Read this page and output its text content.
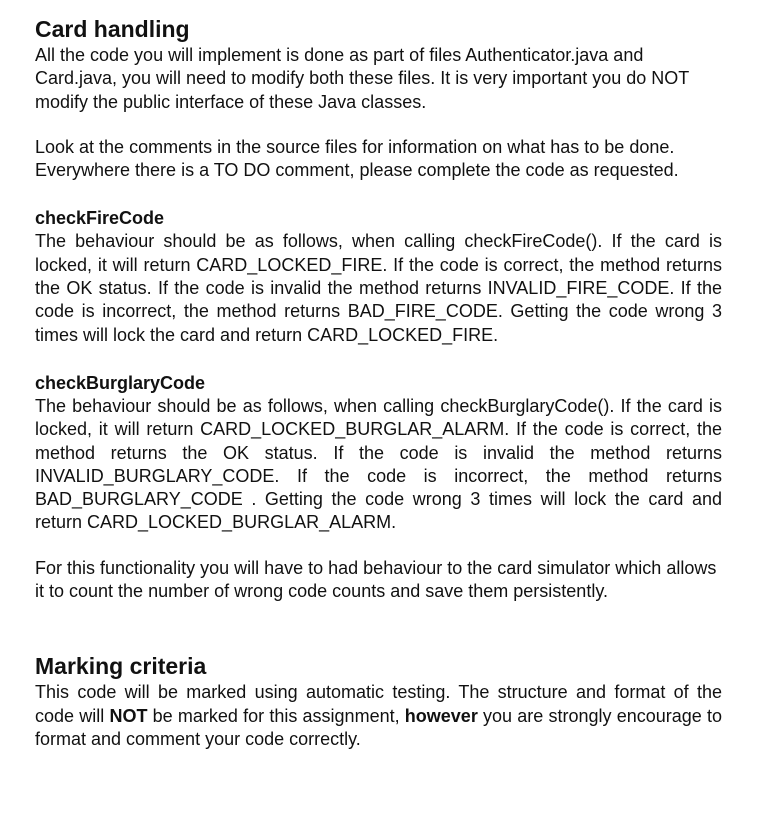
Card handling

All the code you will implement is done as part of files Authenticator.java and Card.java, you will need to modify both these files. It is very important you do NOT modify the public interface of these Java classes.

Look at the comments in the source files for information on what has to be done. Everywhere there is a TO DO comment, please complete the code as requested.

checkFireCode

The behaviour should be as follows, when calling checkFireCode(). If the card is locked, it will return CARD_LOCKED_FIRE. If the code is correct, the method returns the OK status. If the code is invalid the method returns INVALID_FIRE_CODE. If the code is incorrect, the method returns BAD_FIRE_CODE. Getting the code wrong 3 times will lock the card and return CARD_LOCKED_FIRE.

checkBurglaryCode

The behaviour should be as follows, when calling checkBurglaryCode(). If the card is locked, it will return CARD_LOCKED_BURGLAR_ALARM. If the code is correct, the method returns the OK status. If the code is invalid the method returns INVALID_BURGLARY_CODE. If the code is incorrect, the method returns BAD_BURGLARY_CODE . Getting the code wrong 3 times will lock the card and return CARD_LOCKED_BURGLAR_ALARM.

For this functionality you will have to had behaviour to the card simulator which allows it to count the number of wrong code counts and save them persistently.

Marking criteria

This code will be marked using automatic testing. The structure and format of the code will NOT be marked for this assignment, however you are strongly encourage to format and comment your code correctly.
